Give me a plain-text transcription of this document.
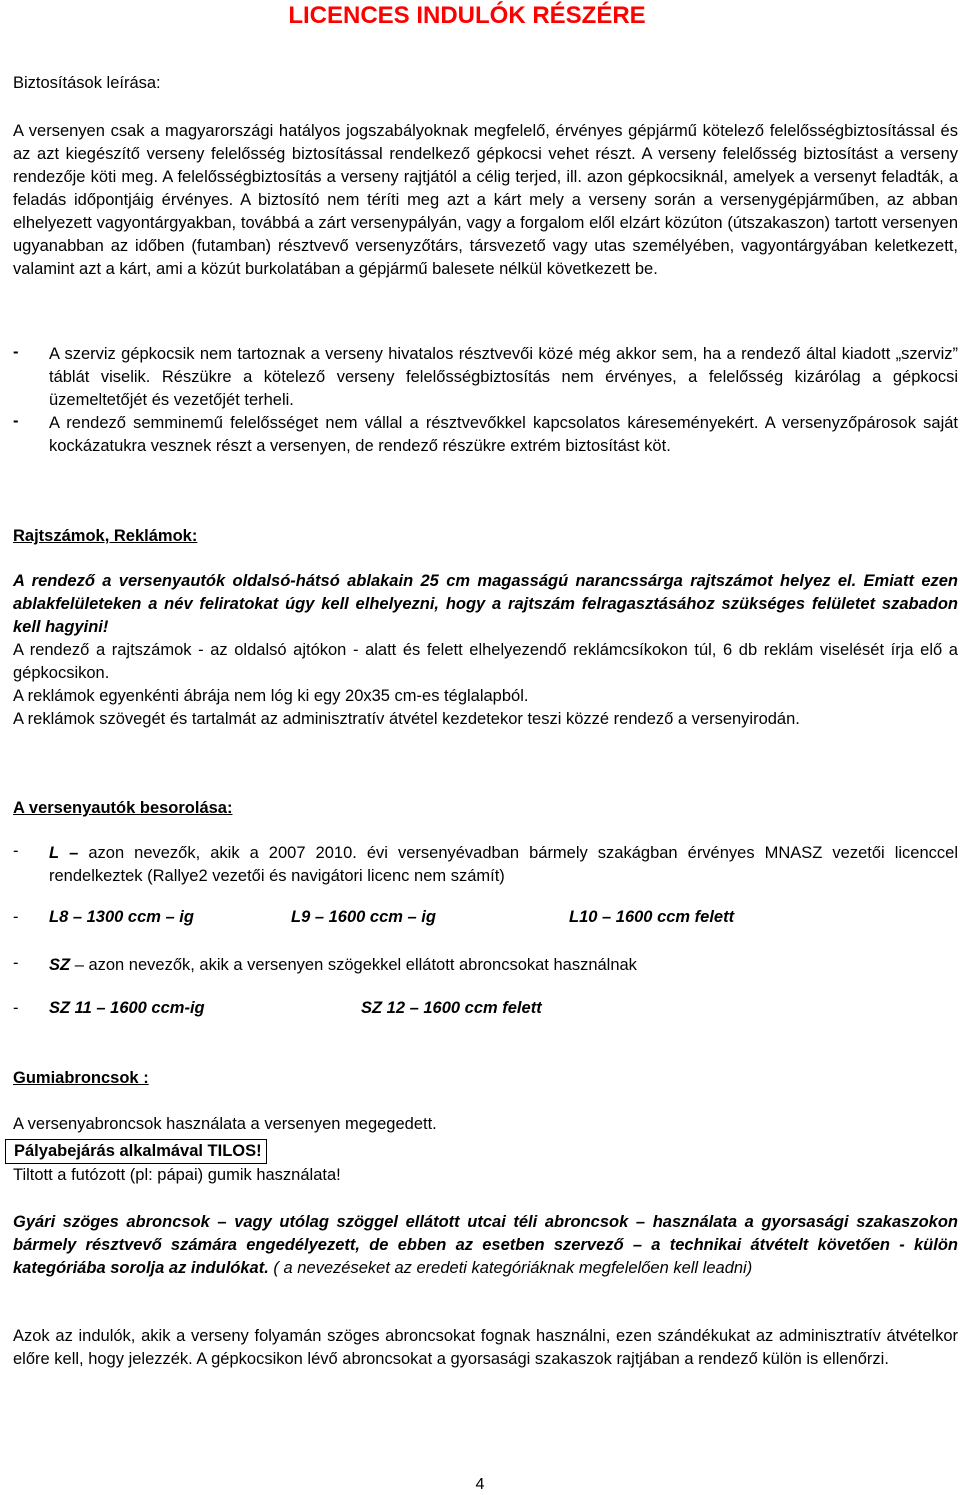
LICENCES INDULÓK RÉSZÉRE
Biztosítások leírása:
A versenyen csak a magyarországi hatályos jogszabályoknak megfelelő, érvényes gépjármű kötelező felelősségbiztosítással és az azt kiegészítő verseny felelősség biztosítással rendelkező gépkocsi vehet részt. A verseny felelősség biztosítást a verseny rendezője köti meg. A felelősségbiztosítás a verseny rajtjától a célig terjed, ill. azon gépkocsiknál, amelyek a versenyt feladták, a feladás időpontjáig érvényes. A biztosító nem téríti meg azt a kárt mely a verseny során a versenygépjárműben, az abban elhelyezett vagyontárgyakban, továbbá a zárt versenypályán, vagy a forgalom elől elzárt közúton (útszakaszon) tartott versenyen ugyanabban az időben (futamban) résztvevő versenyzőtárs, társvezető vagy utas személyében, vagyontárgyában keletkezett, valamint azt a kárt, ami a közút burkolatában a gépjármű balesete nélkül következett be.
-	A szerviz gépkocsik nem tartoznak a verseny hivatalos résztvevői közé még akkor sem, ha a rendező által kiadott „szerviz” táblát viselik. Részükre a kötelező verseny felelősségbiztosítás nem érvényes, a felelősség kizárólag a gépkocsi üzemeltetőjét és vezetőjét terheli.
-	A rendező semminemű felelősséget nem vállal a résztvevőkkel kapcsolatos káreseményekért. A versenyzőpárosok saját kockázatukra vesznek részt a versenyen, de rendező részükre extrém biztosítást köt.
Rajtszámok, Reklámok:
A rendező a versenyautók oldalsó-hátsó ablakain 25 cm magasságú narancssárga rajtszámot helyez el. Emiatt ezen ablakfelületeken a név feliratokat úgy kell elhelyezni, hogy a rajtszám felragasztásához szükséges felületet szabadon kell hagyini!
A rendező a rajtszámok - az oldalsó ajtókon - alatt és felett elhelyezendő reklámcsíkokon túl, 6 db reklám viselését írja elő a gépkocsikon.
A reklámok egyenkénti ábrája nem lóg ki egy 20x35 cm-es téglalapból.
A reklámok szövegét és tartalmát az adminisztratív átvétel kezdetekor teszi közzé rendező a versenyirodán.
A versenyautók besorolása:
-	L – azon nevezők, akik a 2007 2010. évi versenyévadban bármely szakágban érvényes MNASZ vezetői licenccel rendelkeztek (Rallye2 vezetői és navigátori licenc nem számít)
-	L8 – 1300 ccm – ig	L9 – 1600 ccm – ig	L10 – 1600 ccm felett
-	SZ – azon nevezők, akik a versenyen szögekkel ellátott abroncsokat használnak
-	SZ 11 – 1600 ccm-ig	SZ 12 – 1600 ccm felett
Gumiabroncsok :
A versenyabroncsok használata a versenyen megegedett.
Pályabejárás alkalmával TILOS!
Tiltott a futózott (pl: pápai) gumik használata!
Gyári szöges abroncsok – vagy utólag szöggel ellátott utcai téli abroncsok – használata a gyorsasági szakaszokon bármely résztvevő számára engedélyezett, de ebben az esetben szervező – a technikai átvételt követően - külön kategóriába sorolja az indulókat. ( a nevezéseket az eredeti kategóriáknak megfelelően kell leadni)
Azok az indulók, akik a verseny folyamán szöges abroncsokat fognak használni, ezen szándékukat az adminisztratív átvételkor előre kell, hogy jelezzék. A gépkocsikon lévő abroncsokat a gyorsasági szakaszok rajtjában a rendező külön is ellenőrzi.
4
